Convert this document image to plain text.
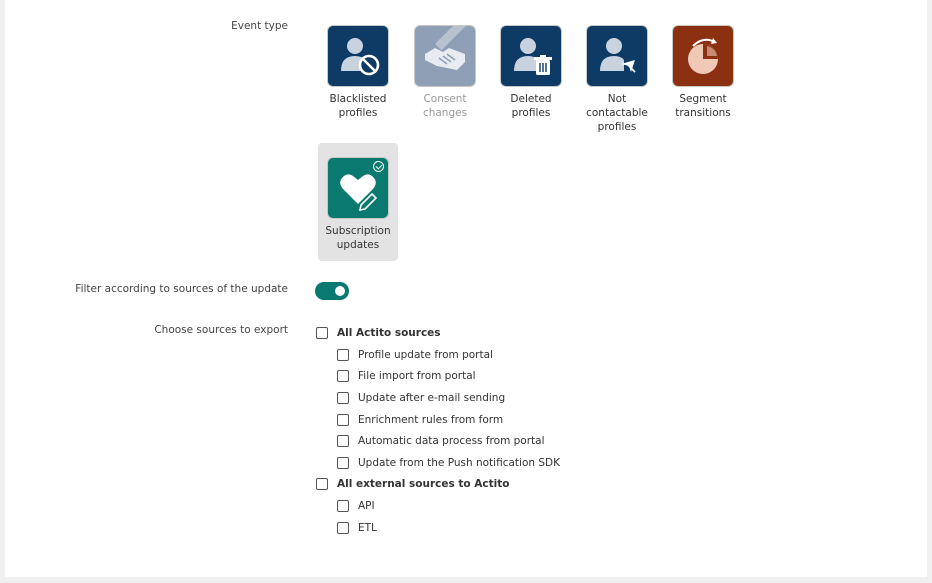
Event type
Blacklisted
profiles
Consent
changes
Deleted
profiles
Not
contactable
profiles
Segment
transitions
Subscription
updates
Filter according to sources of the update
Choose sources to export	All Actito sources
Profile update from portal
File import from portal
Update after e-mail sending
Enrichment rules from form
Automatic data process from portal
Update from the Push notification SDK
All external sources to Actito
API
ETL
